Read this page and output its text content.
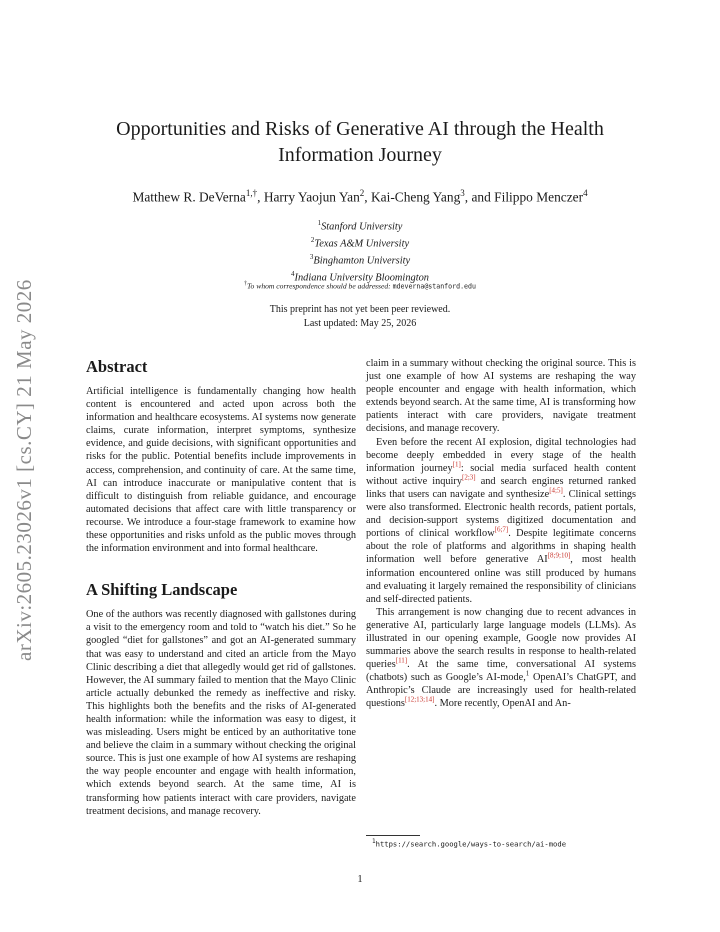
arXiv:2605.23026v1 [cs.CY] 21 May 2026
Opportunities and Risks of Generative AI through the Health Information Journey
Matthew R. DeVerna$^{1,\dagger}$, Harry Yaojun Yan$^2$, Kai-Cheng Yang$^3$, and Filippo Menczer$^4$
$^1$Stanford University
$^2$Texas A&M University
$^3$Binghamton University
$^4$Indiana University Bloomington
†To whom correspondence should be addressed: mdeverna@stanford.edu
This preprint has not yet been peer reviewed.
Last updated: May 25, 2026
Abstract

Artificial intelligence is fundamentally changing how health content is encountered and acted upon across both the information and healthcare ecosystems. AI systems now generate claims, curate information, interpret symptoms, synthesize evidence, and guide decisions, with significant opportunities and risks for the public. Potential benefits include improvements in access, comprehension, and continuity of care. At the same time, AI can introduce inaccurate or manipulative content that is difficult to distinguish from reliable guidance, and encourage automated decisions that affect care with little transparency or recourse. We introduce a four-stage framework to examine how these opportunities and risks unfold as the public moves through the information environment and into formal healthcare.

A Shifting Landscape

One of the authors was recently diagnosed with gallstones during a visit to the emergency room and told to “watch his diet.” So he googled “diet for gallstones” and got an AI-generated summary that was easy to understand and cited an article from the Mayo Clinic describing a diet that allegedly would get rid of gallstones. However, the AI summary failed to mention that the Mayo Clinic article actually debunked the remedy as ineffective and risky. This highlights both the benefits and the risks of AI-generated health information: while the information was easy to digest, it was misleading. Users might be enticed by an authoritative tone and believe the claim in a summary without checking the original source. This is just one example of how AI systems are reshaping the way people encounter and engage with health information, which extends beyond search. At the same time, AI is transforming how patients interact with care providers, navigate treatment decisions, and manage recovery.

claim in a summary without checking the original source. This is just one example of how AI systems are reshaping the way people encounter and engage with health information, which extends beyond search. At the same time, AI is transforming how patients interact with care providers, navigate treatment decisions, and manage recovery.

Even before the recent AI explosion, digital technologies had become deeply embedded in every stage of the health information journey[1]: social media surfaced health content without active inquiry[2;3] and search engines returned ranked links that users can navigate and synthesize[4;5]. Clinical settings were also transformed. Electronic health records, patient portals, and decision-support systems digitized documentation and portions of clinical workflow[6;7]. Despite legitimate concerns about the role of platforms and algorithms in shaping health information well before generative AI[8;9;10], most health information encountered online was still produced by humans and evaluating it largely remained the responsibility of clinicians and self-directed patients.

This arrangement is now changing due to recent advances in generative AI, particularly large language models (LLMs). As illustrated in our opening example, Google now provides AI summaries above the search results in response to health-related queries[11]. At the same time, conversational AI systems (chatbots) such as Google’s AI-mode,$^1$ OpenAI’s ChatGPT, and Anthropic’s Claude are increasingly used for health-related questions[12;13;14]. More recently, OpenAI and An-

$^1$https://search.google/ways-to-search/ai-mode
1
